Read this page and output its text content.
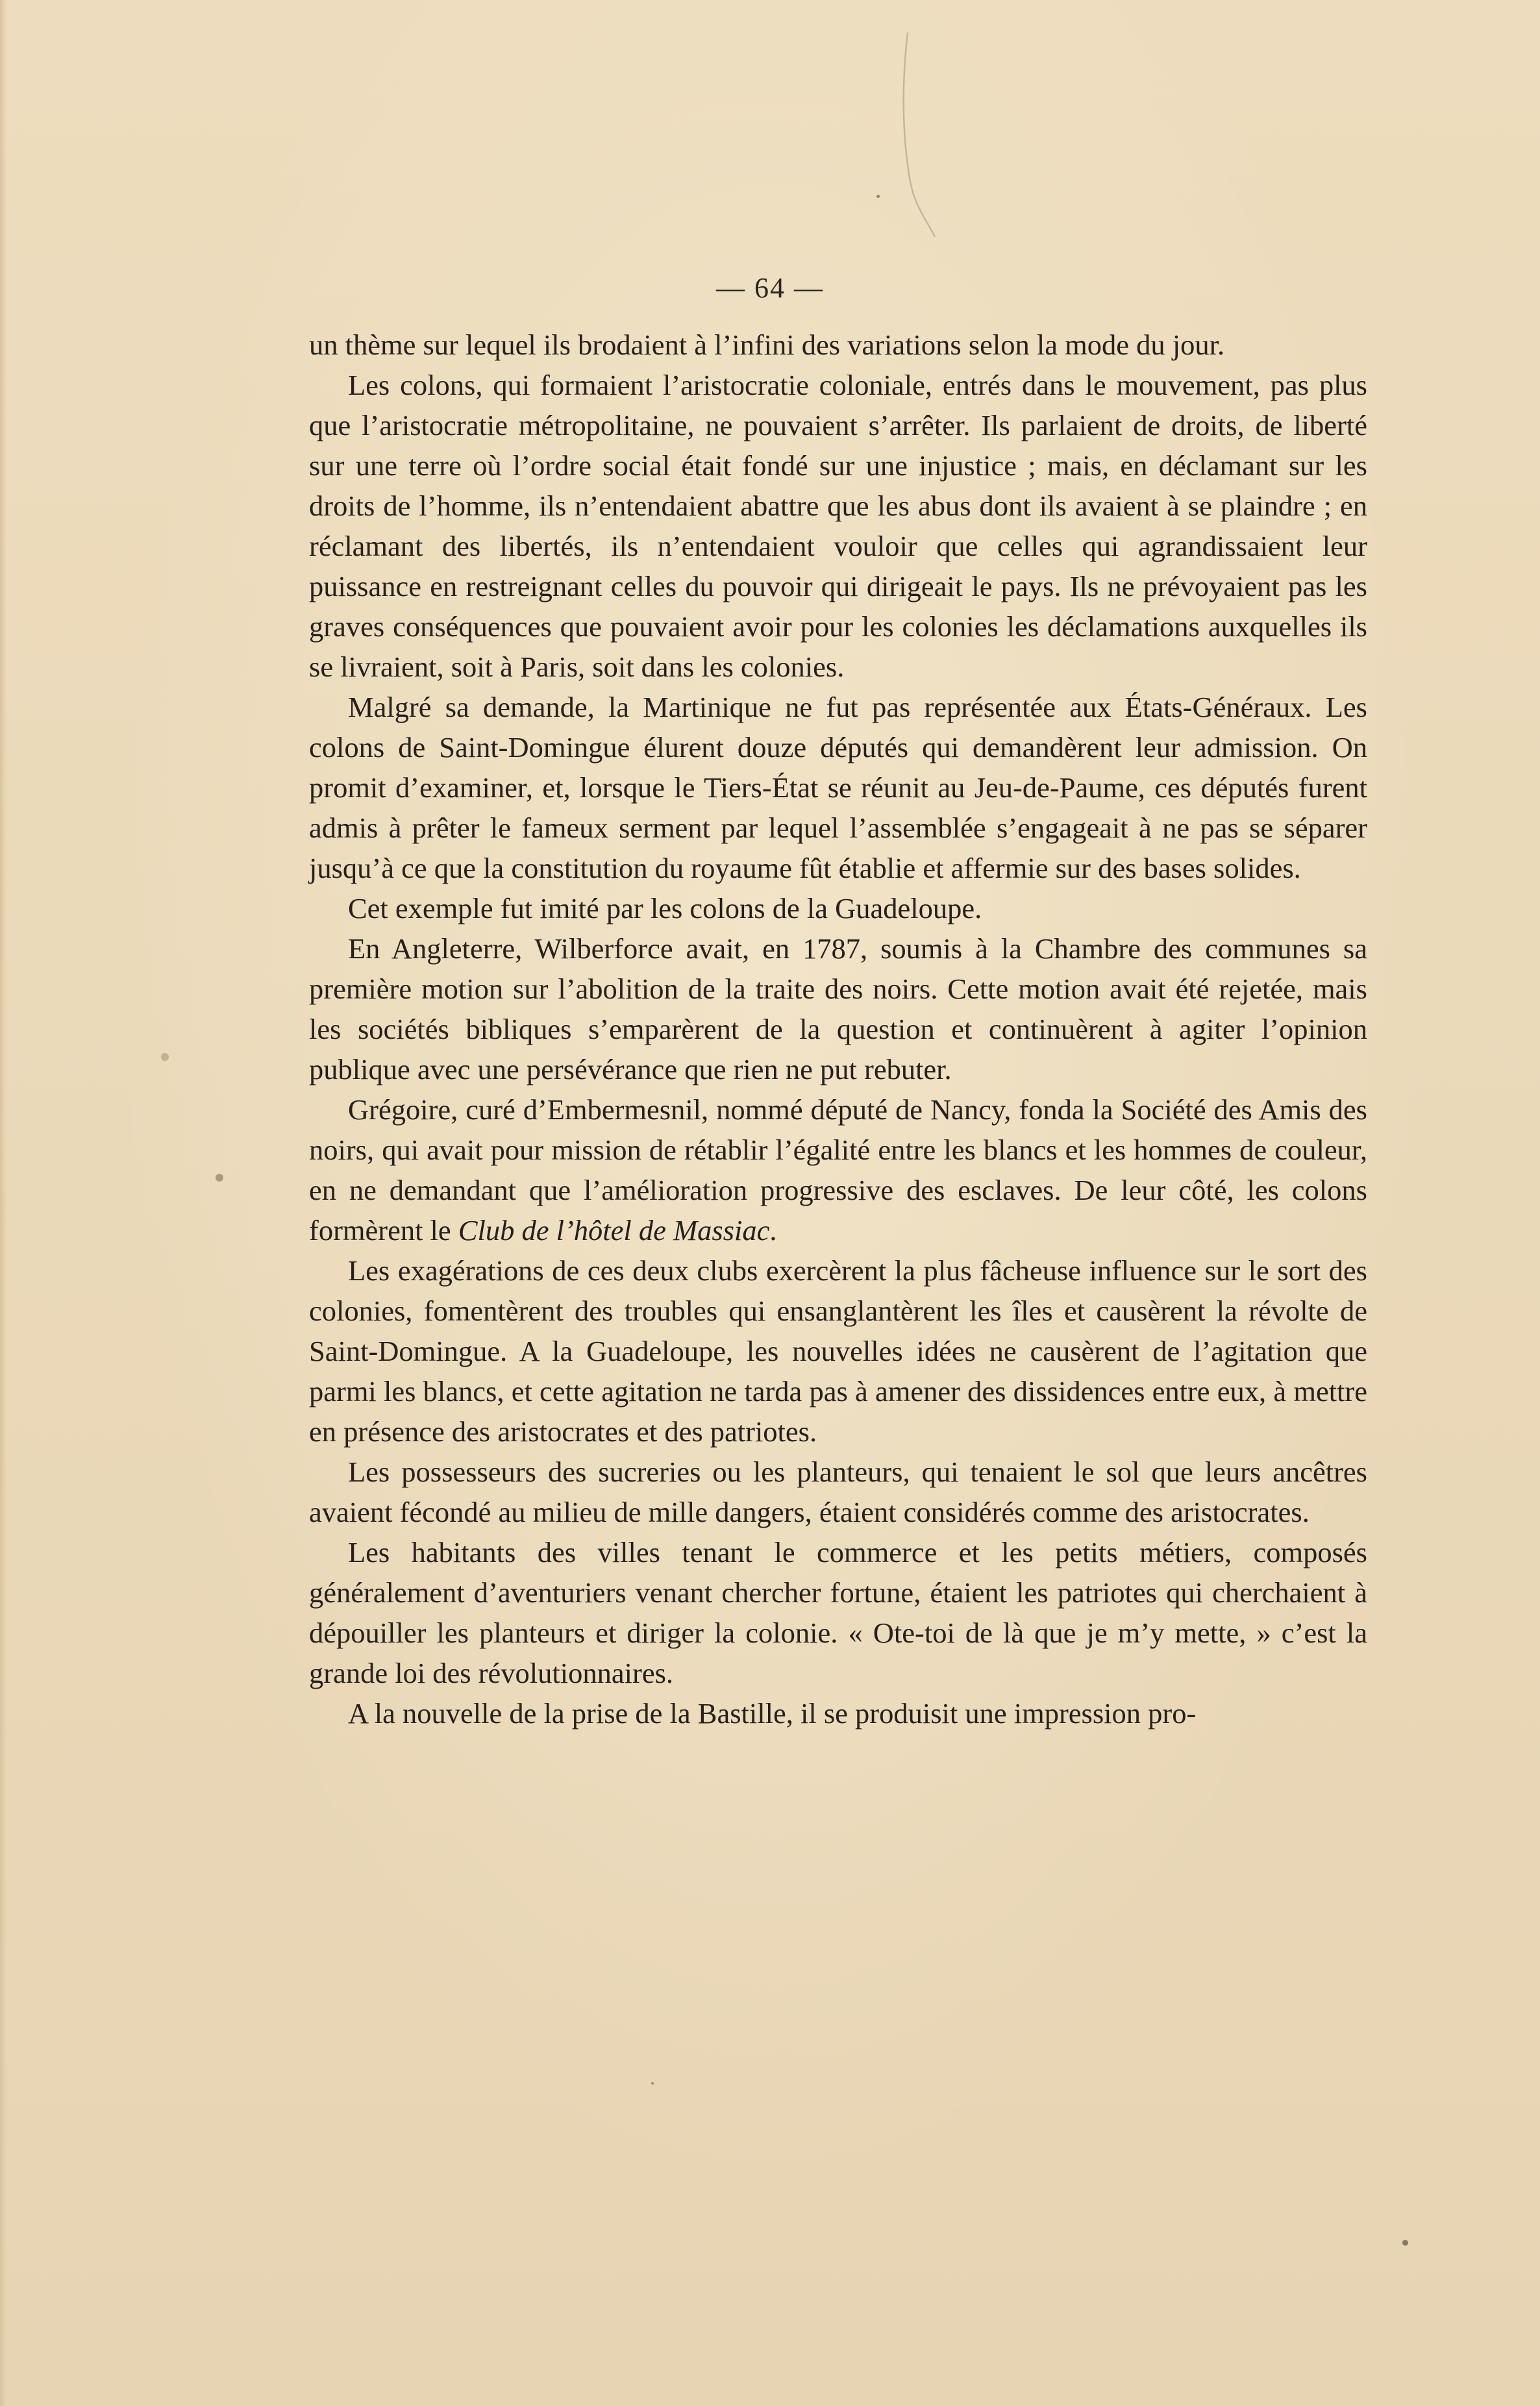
— 64 —

un thème sur lequel ils brodaient à l’infini des variations selon la mode du jour.

Les colons, qui formaient l’aristocratie coloniale, entrés dans le mouvement, pas plus que l’aristocratie métropolitaine, ne pouvaient s’arrêter. Ils parlaient de droits, de liberté sur une terre où l’ordre social était fondé sur une injustice ; mais, en déclamant sur les droits de l’homme, ils n’entendaient abattre que les abus dont ils avaient à se plaindre ; en réclamant des libertés, ils n’entendaient vouloir que celles qui agrandissaient leur puissance en restreignant celles du pouvoir qui dirigeait le pays. Ils ne prévoyaient pas les graves conséquences que pouvaient avoir pour les colonies les déclamations auxquelles ils se livraient, soit à Paris, soit dans les colonies.

Malgré sa demande, la Martinique ne fut pas représentée aux États-Généraux. Les colons de Saint-Domingue élurent douze députés qui demandèrent leur admission. On promit d’examiner, et, lorsque le Tiers-État se réunit au Jeu-de-Paume, ces députés furent admis à prêter le fameux serment par lequel l’assemblée s’engageait à ne pas se séparer jusqu’à ce que la constitution du royaume fût établie et affermie sur des bases solides.

Cet exemple fut imité par les colons de la Guadeloupe.

En Angleterre, Wilberforce avait, en 1787, soumis à la Chambre des communes sa première motion sur l’abolition de la traite des noirs. Cette motion avait été rejetée, mais les sociétés bibliques s’emparèrent de la question et continuèrent à agiter l’opinion publique avec une persévérance que rien ne put rebuter.

Grégoire, curé d’Embermesnil, nommé député de Nancy, fonda la Société des Amis des noirs, qui avait pour mission de rétablir l’égalité entre les blancs et les hommes de couleur, en ne demandant que l’amélioration progressive des esclaves. De leur côté, les colons formèrent le Club de l’hôtel de Massiac.

Les exagérations de ces deux clubs exercèrent la plus fâcheuse influence sur le sort des colonies, fomentèrent des troubles qui ensanglantèrent les îles et causèrent la révolte de Saint-Domingue. A la Guadeloupe, les nouvelles idées ne causèrent de l’agitation que parmi les blancs, et cette agitation ne tarda pas à amener des dissidences entre eux, à mettre en présence des aristocrates et des patriotes.

Les possesseurs des sucreries ou les planteurs, qui tenaient le sol que leurs ancêtres avaient fécondé au milieu de mille dangers, étaient considérés comme des aristocrates.

Les habitants des villes tenant le commerce et les petits métiers, composés généralement d’aventuriers venant chercher fortune, étaient les patriotes qui cherchaient à dépouiller les planteurs et diriger la colonie. « Ote-toi de là que je m’y mette, » c’est la grande loi des révolutionnaires.

A la nouvelle de la prise de la Bastille, il se produisit une impression pro-
